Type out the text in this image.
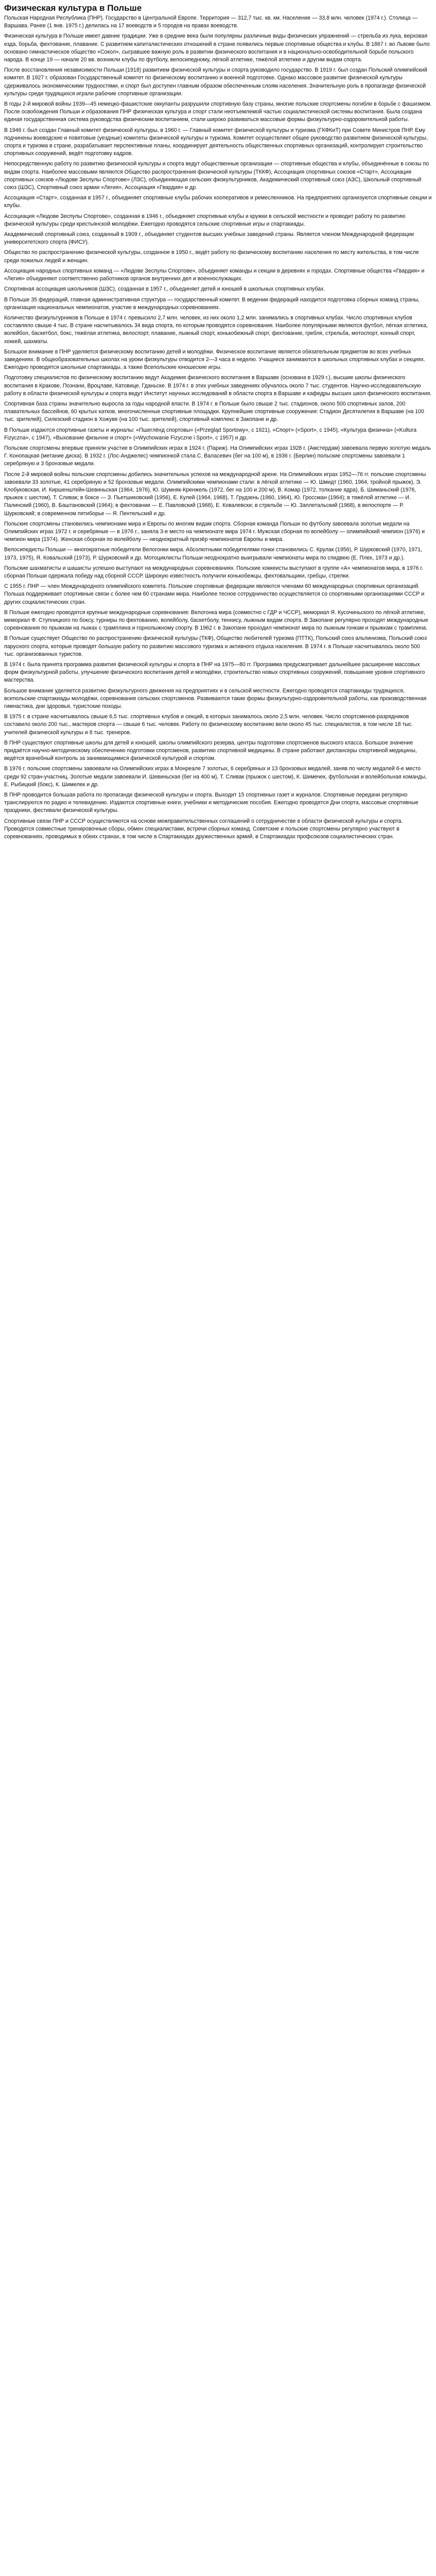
Физическая культура в Польше

Польская Народная Республика (ПНР). Государство в Центральной Европе. Территория — 312,7 тыс. кв. км. Население — 33,8 млн. человек (1974 г.). Столица — Варшава. Ранее (1 янв. 1975 г.) делилась на 17 воеводств и 5 городов на правах воеводств.

Физическая культура в Польше имеет давние традиции. Уже в средние века были популярны различные виды физических упражнений — стрельба из лука, верховая езда, борьба, фехтование, плавание. С развитием капиталистических отношений в стране появились первые спортивные общества и клубы. В 1867 г. во Львове было основано гимнастическое общество «Сокол», сыгравшее важную роль в развитии физического воспитания и в национально-освободительной борьбе польского народа. В конце 19 — начале 20 вв. возникли клубы по футболу, велосипедному, лёгкой атлетике, тяжёлой атлетике и другим видам спорта.

После восстановления независимости Польши (1918) развитием физической культуры и спорта руководило государство. В 1919 г. был создан Польский олимпийский комитет. В 1927 г. образован Государственный комитет по физическому воспитанию и военной подготовке. Однако массовое развитие физической культуры сдерживалось экономическими трудностями, и спорт был доступен главным образом обеспеченным слоям населения. Значительную роль в пропаганде физической культуры среди трудящихся играли рабочие спортивные организации.

В годы 2-й мировой войны 1939—45 немецко-фашистские оккупанты разрушили спортивную базу страны, многие польские спортсмены погибли в борьбе с фашизмом. После освобождения Польши и образования ПНР физическая культура и спорт стали неотъемлемой частью социалистической системы воспитания. Была создана единая государственная система руководства физическим воспитанием, стали широко развиваться массовые формы физкультурно-оздоровительной работы.

В 1946 г. был создан Главный комитет физической культуры, в 1960 г. — Главный комитет физической культуры и туризма (ГКФКиТ) при Совете Министров ПНР. Ему подчинены воеводские и повятовые (уездные) комитеты физической культуры и туризма. Комитет осуществляет общее руководство развитием физической культуры, спорта и туризма в стране, разрабатывает перспективные планы, координирует деятельность общественных спортивных организаций, контролирует строительство спортивных сооружений, ведёт подготовку кадров.

Непосредственную работу по развитию физической культуры и спорта ведут общественные организации — спортивные общества и клубы, объединённые в союзы по видам спорта. Наиболее массовыми являются Общество распространения физической культуры (ТККФ), Ассоциация спортивных союзов «Старт», Ассоциация спортивных союзов «Людове Зеспулы Спортове» (ЛЗС), объединяющая сельских физкультурников, Академический спортивный союз (АЗС), Школьный спортивный союз (ШЗС), Спортивный союз армии «Легия», Ассоциация «Гвардия» и др.

Ассоциация «Старт», созданная в 1957 г., объединяет спортивные клубы рабочих кооперативов и ремесленников. На предприятиях организуются спортивные секции и клубы.

Ассоциация «Людове Зеспулы Спортове», созданная в 1946 г., объединяет спортивные клубы и кружки в сельской местности и проводит работу по развитию физической культуры среди крестьянской молодёжи. Ежегодно проводятся сельские спортивные игры и спартакиады.

Академический спортивный союз, созданный в 1909 г., объединяет студентов высших учебных заведений страны. Является членом Международной федерации университетского спорта (ФИСУ).

Общество по распространению физической культуры, созданное в 1950 г., ведёт работу по физическому воспитанию населения по месту жительства, в том числе среди пожилых людей и женщин.

Ассоциация народных спортивных команд — «Людове Зеспулы Спортове», объединяет команды и секции в деревнях и городах. Спортивные общества «Гвардия» и «Легия» объединяют соответственно работников органов внутренних дел и военнослужащих.

Спортивная ассоциация школьников (ШЗС), созданная в 1957 г., объединяет детей и юношей в школьных спортивных клубах.

В Польше 35 федераций, главная административная структура — государственный комитет. В ведении федераций находится подготовка сборных команд страны, организация национальных чемпионатов, участие в международных соревнованиях.

Количество физкультурников в Польше в 1974 г. превысило 2,7 млн. человек, из них около 1,2 млн. занимались в спортивных клубах. Число спортивных клубов составляло свыше 4 тыс. В стране насчитывалось 34 вида спорта, по которым проводятся соревнования. Наиболее популярными являются футбол, лёгкая атлетика, волейбол, баскетбол, бокс, тяжёлая атлетика, велоспорт, плавание, лыжный спорт, конькобежный спорт, фехтование, гребля, стрельба, мотоспорт, конный спорт, хоккей, шахматы.

Большое внимание в ПНР уделяется физическому воспитанию детей и молодёжи. Физическое воспитание является обязательным предметом во всех учебных заведениях. В общеобразовательных школах на уроки физкультуры отводится 2—3 часа в неделю. Учащиеся занимаются в школьных спортивных клубах и секциях. Ежегодно проводятся школьные спартакиады, а также Всепольские юношеские игры.

Подготовку специалистов по физическому воспитанию ведут Академия физического воспитания в Варшаве (основана в 1929 г.), высшие школы физического воспитания в Кракове, Познани, Вроцлаве, Катовице, Гданьске. В 1974 г. в этих учебных заведениях обучалось около 7 тыс. студентов. Научно-исследовательскую работу в области физической культуры и спорта ведут Институт научных исследований в области спорта в Варшаве и кафедры высших школ физического воспитания.

Спортивная база страны значительно выросла за годы народной власти. В 1974 г. в Польше было свыше 2 тыс. стадионов, около 500 спортивных залов, 200 плавательных бассейнов, 60 крытых катков, многочисленные спортивные площадки. Крупнейшие спортивные сооружения: Стадион Десятилетия в Варшаве (на 100 тыс. зрителей), Силезский стадион в Хожуве (на 100 тыс. зрителей), спортивный комплекс в Закопане и др.

В Польше издаются спортивные газеты и журналы: «Пшеглёнд спортовы» («Przegląd Sportowy», с 1921), «Спорт» («Sport», с 1945), «Культура физична» («Kultura Fizyczna», с 1947), «Выхование физычне и спорт» («Wychowanie Fizyczne i Sport», с 1957) и др.

Польские спортсмены впервые приняли участие в Олимпийских играх в 1924 г. (Париж). На Олимпийских играх 1928 г. (Амстердам) завоевала первую золотую медаль Г. Конопацкая (метание диска). В 1932 г. (Лос-Анджелес) чемпионкой стала С. Валасевич (бег на 100 м), в 1936 г. (Берлин) польские спортсмены завоевали 1 серебряную и 3 бронзовые медали.

После 2-й мировой войны польские спортсмены добились значительных успехов на международной арене. На Олимпийских играх 1952—76 гг. польские спортсмены завоевали 33 золотые, 41 серебряную и 52 бронзовые медали. Олимпийскими чемпионами стали: в лёгкой атлетике — Ю. Шмидт (1960, 1964, тройной прыжок), Э. Клобуковская, И. Киршенштейн-Шевиньская (1964, 1976), Ю. Шумняк-Кренжель (1972, бег на 100 и 200 м), В. Комар (1972, толкание ядра), Б. Шиманьский (1976, прыжок с шестом), Т. Сливак; в боксе — З. Пьетшиковский (1956), Е. Кулей (1964, 1968), Т. Грудзень (1960, 1964), Ю. Гроссман (1964); в тяжёлой атлетике — И. Палинский (1960), В. Баштановский (1964); в фехтовании — Е. Павловский (1968), Е. Ковалевски; в стрельбе — Ю. Заплетальский (1968), в велоспорте — Р. Шурковский; в современном пятиборье — Я. Пентельский и др.

Польские спортсмены становились чемпионами мира и Европы по многим видам спорта. Сборная команда Польши по футболу завоевала золотые медали на Олимпийских играх 1972 г. и серебряные — в 1976 г., заняла 3-е место на чемпионате мира 1974 г. Мужская сборная по волейболу — олимпийский чемпион (1976) и чемпион мира (1974). Женская сборная по волейболу — неоднократный призёр чемпионатов Европы и мира.

Велосипедисты Польши — многократные победители Велогонки мира. Абсолютными победителями гонки становились С. Крулак (1956), Р. Шурковский (1970, 1971, 1973, 1975), Я. Ковальский (1973), Р. Шурковский и др. Мотоциклисты Польши неоднократно выигрывали чемпионаты мира по спидвею (Е. Плех, 1973 и др.).

Польские шахматисты и шашисты успешно выступают на международных соревнованиях. Польские хоккеисты выступают в группе «А» чемпионатов мира, в 1976 г. сборная Польши одержала победу над сборной СССР. Широкую известность получили конькобежцы, фехтовальщики, гребцы, стрелки.

С 1955 г. ПНР — член Международного олимпийского комитета. Польские спортивные федерации являются членами 60 международных спортивных организаций. Польша поддерживает спортивные связи с более чем 60 странами мира. Наиболее тесное сотрудничество осуществляется со спортивными организациями СССР и других социалистических стран.

В Польше ежегодно проводятся крупные международные соревнования: Велогонка мира (совместно с ГДР и ЧССР), мемориал Я. Кусочиньского по лёгкой атлетике, мемориал Ф. Ступницкого по боксу, турниры по фехтованию, волейболу, баскетболу, теннису, лыжным видам спорта. В Закопане регулярно проходят международные соревнования по прыжкам на лыжах с трамплина и горнолыжному спорту. В 1962 г. в Закопане проходил чемпионат мира по лыжным гонкам и прыжкам с трамплина.

В Польше существует Общество по распространению физической культуры (ТКФ), Общество любителей туризма (ПТТК), Польский союз альпинизма, Польский союз парусного спорта, которые проводят большую работу по развитию массового туризма и активного отдыха населения. В 1974 г. в Польше насчитывалось около 500 тыс. организованных туристов.

В 1974 г. была принята программа развития физической культуры и спорта в ПНР на 1975—80 гг. Программа предусматривает дальнейшее расширение массовых форм физкультурной работы, улучшение физического воспитания детей и молодёжи, строительство новых спортивных сооружений, повышение уровня спортивного мастерства.

Большое внимание уделяется развитию физкультурного движения на предприятиях и в сельской местности. Ежегодно проводятся спартакиады трудящихся, всепольские спартакиады молодёжи, соревнования сельских спортсменов. Развиваются такие формы физкультурно-оздоровительной работы, как производственная гимнастика, дни здоровья, туристские походы.

В 1975 г. в стране насчитывалось свыше 6,5 тыс. спортивных клубов и секций, в которых занималось около 2,5 млн. человек. Число спортсменов-разрядников составило около 200 тыс., мастеров спорта — свыше 6 тыс. человек. Работу по физическому воспитанию вели около 45 тыс. специалистов, в том числе 18 тыс. учителей физической культуры и 8 тыс. тренеров.

В ПНР существуют спортивные школы для детей и юношей, школы олимпийского резерва, центры подготовки спортсменов высокого класса. Большое значение придаётся научно-методическому обеспечению подготовки спортсменов, развитию спортивной медицины. В стране работают диспансеры спортивной медицины, ведётся врачебный контроль за занимающимися физической культурой и спортом.

В 1976 г. польские спортсмены завоевали на Олимпийских играх в Монреале 7 золотых, 6 серебряных и 13 бронзовых медалей, заняв по числу медалей 6-е место среди 92 стран-участниц. Золотые медали завоевали И. Шевиньская (бег на 400 м), Т. Сливак (прыжок с шестом), К. Шимечек, футбольная и волейбольная команды, Е. Рыбицкий (бокс), К. Шимелек и др.

В ПНР проводится большая работа по пропаганде физической культуры и спорта. Выходит 15 спортивных газет и журналов. Спортивные передачи регулярно транслируются по радио и телевидению. Издаются спортивные книги, учебники и методические пособия. Ежегодно проводятся Дни спорта, массовые спортивные праздники, фестивали физической культуры.

Спортивные связи ПНР и СССР осуществляются на основе межправительственных соглашений о сотрудничестве в области физической культуры и спорта. Проводятся совместные тренировочные сборы, обмен специалистами, встречи сборных команд. Советские и польские спортсмены регулярно участвуют в соревнованиях, проводимых в обеих странах, в том числе в Спартакиадах дружественных армий, в Спартакиадах профсоюзов социалистических стран.
